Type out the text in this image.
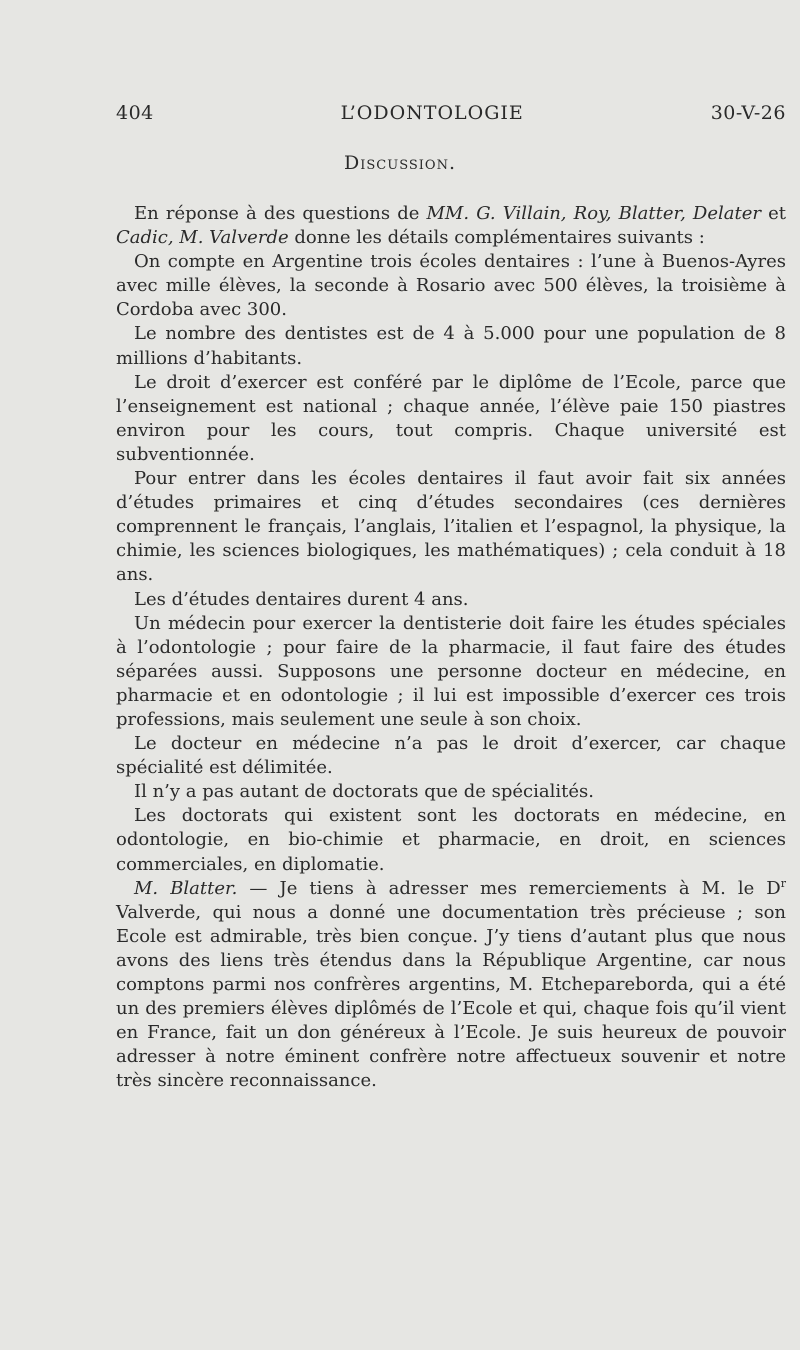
404	L’ODONTOLOGIE	30-V-26
Discussion.

 En réponse à des questions de MM. G. Villain, Roy, Blatter, Delater et Cadic, M. Valverde donne les détails complémentaires suivants :

 On compte en Argentine trois écoles dentaires : l’une à Buenos-Ayres avec mille élèves, la seconde à Rosario avec 500 élèves, la troisième à Cordoba avec 300.

 Le nombre des dentistes est de 4 à 5.000 pour une population de 8 millions d’habitants.

 Le droit d’exercer est conféré par le diplôme de l’Ecole, parce que l’enseignement est national ; chaque année, l’élève paie 150 piastres environ pour les cours, tout compris. Chaque université est subventionnée.

 Pour entrer dans les écoles dentaires il faut avoir fait six années d’études primaires et cinq d’études secondaires (ces dernières comprennent le français, l’anglais, l’italien et l’espagnol, la physique, la chimie, les sciences biologiques, les mathématiques) ; cela conduit à 18 ans.

 Les d’études dentaires durent 4 ans.

 Un médecin pour exercer la dentisterie doit faire les études spéciales à l’odontologie ; pour faire de la pharmacie, il faut faire des études séparées aussi. Supposons une personne docteur en médecine, en pharmacie et en odontologie ; il lui est impossible d’exercer ces trois professions, mais seulement une seule à son choix.

 Le docteur en médecine n’a pas le droit d’exercer, car chaque spécialité est délimitée.

 Il n’y a pas autant de doctorats que de spécialités.

 Les doctorats qui existent sont les doctorats en médecine, en odontologie, en bio-chimie et pharmacie, en droit, en sciences commerciales, en diplomatie.

 M. Blatter. — Je tiens à adresser mes remerciements à M. le $D^r$ Valverde, qui nous a donné une documentation très précieuse ; son Ecole est admirable, très bien conçue. J’y tiens d’autant plus que nous avons des liens très étendus dans la République Argentine, car nous comptons parmi nos confrères argentins, M. Etchepareborda, qui a été un des premiers élèves diplômés de l’Ecole et qui, chaque fois qu’il vient en France, fait un don généreux à l’Ecole. Je suis heureux de pouvoir adresser à notre éminent confrère notre affectueux souvenir et notre très sincère reconnaissance.
